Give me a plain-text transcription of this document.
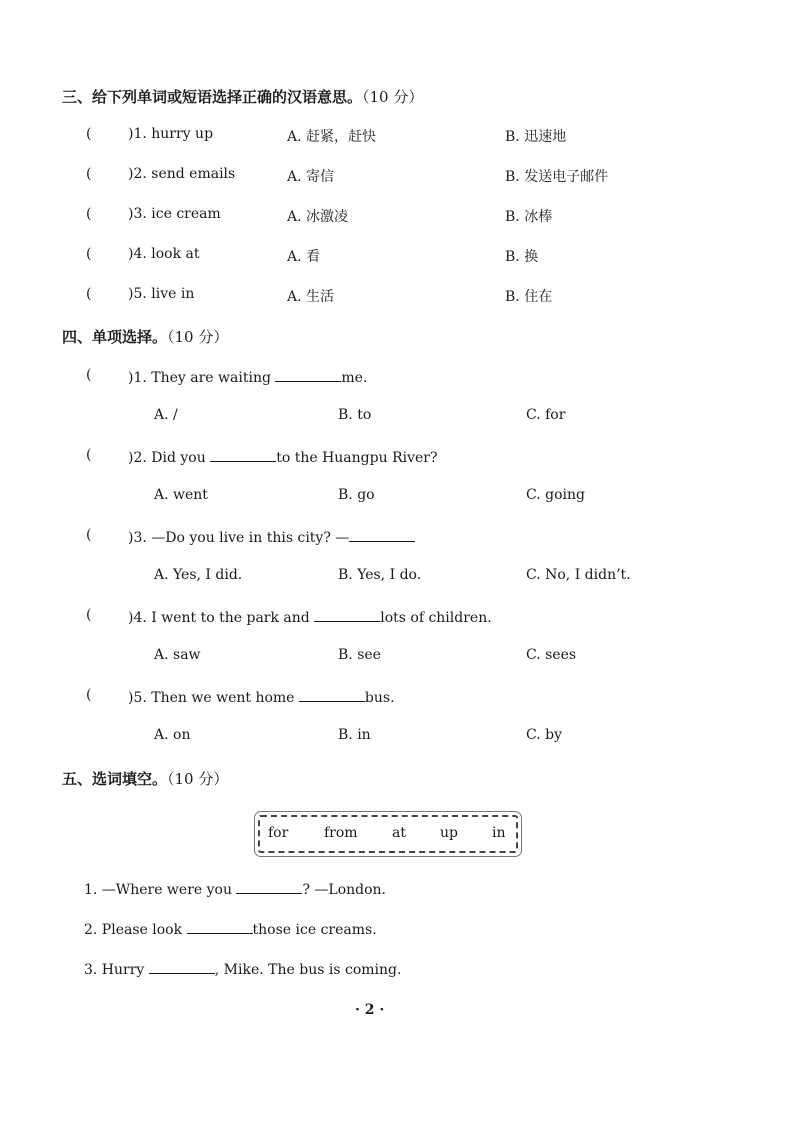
三、给下列单词或短语选择正确的汉语意思。（10 分）
(	)1. hurry up	A. 赶紧，赶快	B. 迅速地
(	)2. send emails	A. 寄信	B. 发送电子邮件
(	)3. ice cream	A. 冰激凌	B. 冰棒
(	)4. look at	A. 看	B. 换
(	)5. live in	A. 生活	B. 住在
四、单项选择。（10 分）
(	)1. They are waiting	me.
A. /	B. to	C. for
(	)2. Did you	to the Huangpu River?
A. went	B. go	C. going
(	)3. —Do you live in this city? —
A. Yes, I did.	B. Yes, I do.	C. No, I didn’t.
(	)4. I went to the park and	lots of children.
A. saw	B. see	C. sees
(	)5. Then we went home	bus.
A. on	B. in	C. by
五、选词填空。（10 分）
for	from at up in
1. —Where were you	? —London.
2. Please look	those ice creams.
3. Hurry	, Mike. The bus is coming.
· 2 ·
